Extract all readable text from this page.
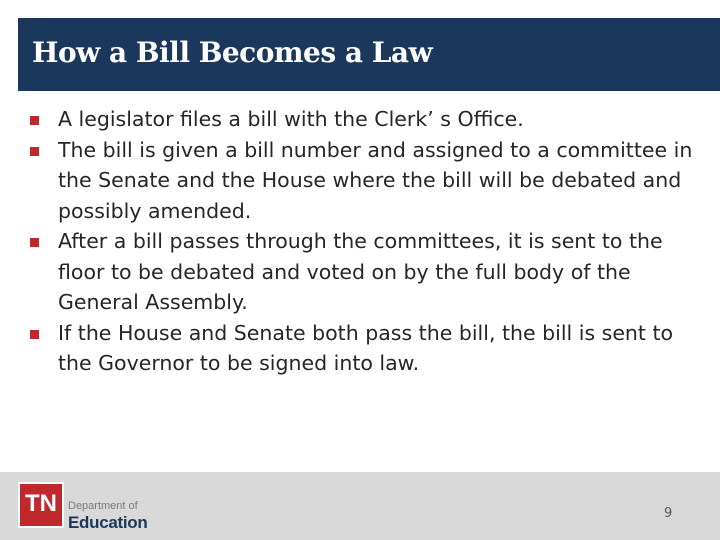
How a Bill Becomes a Law
A legislator files a bill with the Clerk’ s Office.
The bill is given a bill number and assigned to a committee in the Senate and the House where the bill will be debated and possibly amended.
After a bill passes through the committees, it is sent to the floor to be debated and voted on by the full body of the General Assembly.
If the House and Senate both pass the bill, the bill is sent to the Governor to be signed into law.
TN	Department of
Education	9
